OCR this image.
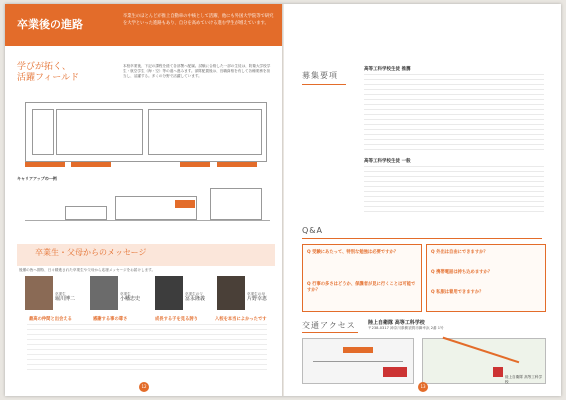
卒業後の進路
卒業生のほとんどが推上自動車の中核として活躍、他にも外国大学院等で研究を大学といった進路もあり、自分を高めていける進む学生が増えています。
学びが拓く、
活躍フィールド
本校卒業後、下記の課程を経て各部署へ配属。試験に合格した一部の生徒は、防衛大学校学生・航空学生（海・空）等の道へ進みます。部隊配置後は、官職資格を有して各種業務を担当し、活躍する。多くの分野で活躍しています。
キャリアアップの一例
卒業生・父母からのメッセージ
後輩の皆へ期待、日々精進された卒業生や父母から応援メッセージをお届けします。
卒業生
堀川博二
卒業生
小幡忠史
卒業生の父
冨永隆義
卒業生の母
片野幸恵
最高の仲間と出会える	感謝する事の尊さ	成長する子を見る誇り	入校を本当によかったです
12
募集要項
高等工科学校生徒 推薦
高等工科学校生徒 一般
Q&A
Q 受験にあたって、特別な勉強は必要ですか？
Q 行事の多さはどうか、保護者が見に行くことは可能ですか？
Q 外出は自由にできますか？
Q 携帯電話は持ち込めますか？
Q 私服は着用できますか？
交通アクセス 陸上自衛隊 高等工科学校
〒238-0317 神奈川県横須賀市御幸浜 2番 1号
陸上自衛隊 高等工科学校
13
